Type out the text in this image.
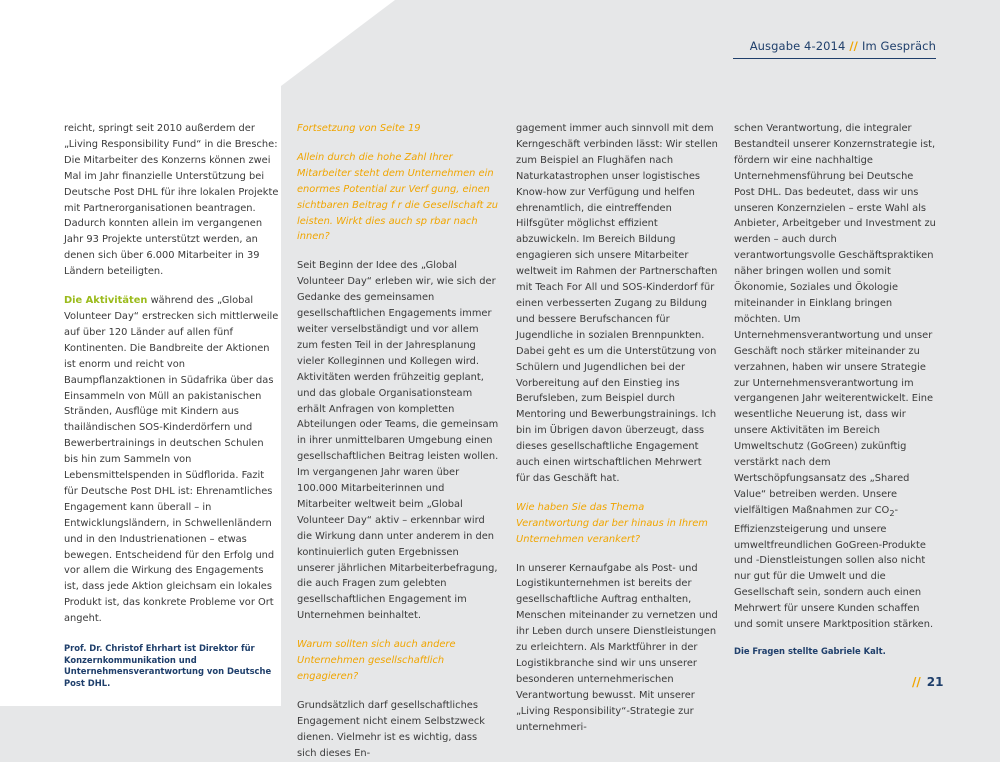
Ausgabe 4-2014 // Im Gespräch

reicht, springt seit 2010 außerdem der „Living Responsibility Fund“ in die Bresche: Die Mitarbeiter des Konzerns können zwei Mal im Jahr finanzielle Unterstützung bei Deutsche Post DHL für ihre lokalen Projekte mit Partnerorganisationen beantragen. Dadurch konnten allein im vergangenen Jahr 93 Projekte unterstützt werden, an denen sich über 6.000 Mitarbeiter in 39 Ländern beteiligten.

Die Aktivitäten während des „Global Volunteer Day“ erstrecken sich mittlerweile auf über 120 Länder auf allen fünf Kontinenten. Die Bandbreite der Aktionen ist enorm und reicht von Baumpflanzaktionen in Südafrika über das Einsammeln von Müll an pakistanischen Stränden, Ausflüge mit Kindern aus thailändischen SOS-Kinderdörfern und Bewerbertrainings in deutschen Schulen bis hin zum Sammeln von Lebensmittelspenden in Südflorida. Fazit für Deutsche Post DHL ist: Ehrenamtliches Engagement kann überall – in Entwicklungsländern, in Schwellenländern und in den Industrienationen – etwas bewegen. Entscheidend für den Erfolg und vor allem die Wirkung des Engagements ist, dass jede Aktion gleichsam ein lokales Produkt ist, das konkrete Probleme vor Ort angeht.

Prof. Dr. Christof Ehrhart ist Direktor für Konzernkommunikation und Unternehmensverantwortung von Deutsche Post DHL.

Fortsetzung von Seite 19

Allein durch die hohe Zahl Ihrer Mitarbeiter steht dem Unternehmen ein enormes Potential zur Verf gung, einen sichtbaren Beitrag f r die Gesellschaft zu leisten. Wirkt dies auch sp rbar nach innen?

Seit Beginn der Idee des „Global Volunteer Day“ erleben wir, wie sich der Gedanke des gemeinsamen gesellschaftlichen Engagements immer weiter verselbständigt und vor allem zum festen Teil in der Jahresplanung vieler Kolleginnen und Kollegen wird. Aktivitäten werden frühzeitig geplant, und das globale Organisationsteam erhält Anfragen von kompletten Abteilungen oder Teams, die gemeinsam in ihrer unmittelbaren Umgebung einen gesellschaftlichen Beitrag leisten wollen. Im vergangenen Jahr waren über 100.000 Mitarbeiterinnen und Mitarbeiter weltweit beim „Global Volunteer Day“ aktiv – erkennbar wird die Wirkung dann unter anderem in den kontinuierlich guten Ergebnissen unserer jährlichen Mitarbeiterbefragung, die auch Fragen zum gelebten gesellschaftlichen Engagement im Unternehmen beinhaltet.

Warum sollten sich auch andere Unternehmen gesellschaftlich engagieren?

Grundsätzlich darf gesellschaftliches Engagement nicht einem Selbstzweck dienen. Vielmehr ist es wichtig, dass sich dieses En-

gagement immer auch sinnvoll mit dem Kerngeschäft verbinden lässt: Wir stellen zum Beispiel an Flughäfen nach Naturkatastrophen unser logistisches Know-how zur Verfügung und helfen ehrenamtlich, die eintreffenden Hilfsgüter möglichst effizient abzuwickeln. Im Bereich Bildung engagieren sich unsere Mitarbeiter weltweit im Rahmen der Partnerschaften mit Teach For All und SOS-Kinderdorf für einen verbesserten Zugang zu Bildung und bessere Berufschancen für Jugendliche in sozialen Brennpunkten. Dabei geht es um die Unterstützung von Schülern und Jugendlichen bei der Vorbereitung auf den Einstieg ins Berufsleben, zum Beispiel durch Mentoring und Bewerbungstrainings. Ich bin im Übrigen davon überzeugt, dass dieses gesellschaftliche Engagement auch einen wirtschaftlichen Mehrwert für das Geschäft hat.

Wie haben Sie das Thema Verantwortung dar ber hinaus in Ihrem Unternehmen verankert?

In unserer Kernaufgabe als Post- und Logistikunternehmen ist bereits der gesellschaftliche Auftrag enthalten, Menschen miteinander zu vernetzen und ihr Leben durch unsere Dienstleistungen zu erleichtern. Als Marktführer in der Logistikbranche sind wir uns unserer besonderen unternehmerischen Verantwortung bewusst. Mit unserer „Living Responsibility“-Strategie zur unternehmeri-

schen Verantwortung, die integraler Bestandteil unserer Konzernstrategie ist, fördern wir eine nachhaltige Unternehmensführung bei Deutsche Post DHL. Das bedeutet, dass wir uns unseren Konzernzielen – erste Wahl als Anbieter, Arbeitgeber und Investment zu werden – auch durch verantwortungsvolle Geschäftspraktiken näher bringen wollen und somit Ökonomie, Soziales und Ökologie miteinander in Einklang bringen möchten. Um Unternehmensverantwortung und unser Geschäft noch stärker miteinander zu verzahnen, haben wir unsere Strategie zur Unternehmensverantwortung im vergangenen Jahr weiterentwickelt. Eine wesentliche Neuerung ist, dass wir unsere Aktivitäten im Bereich Umweltschutz (GoGreen) zukünftig verstärkt nach dem Wertschöpfungsansatz des „Shared Value“ betreiben werden. Unsere vielfältigen Maßnahmen zur $CO_2$-Effizienzsteigerung und unsere umweltfreundlichen GoGreen-Produkte und -Dienstleistungen sollen also nicht nur gut für die Umwelt und die Gesellschaft sein, sondern auch einen Mehrwert für unsere Kunden schaffen und somit unsere Marktposition stärken.

Die Fragen stellte Gabriele Kalt.

// 21
